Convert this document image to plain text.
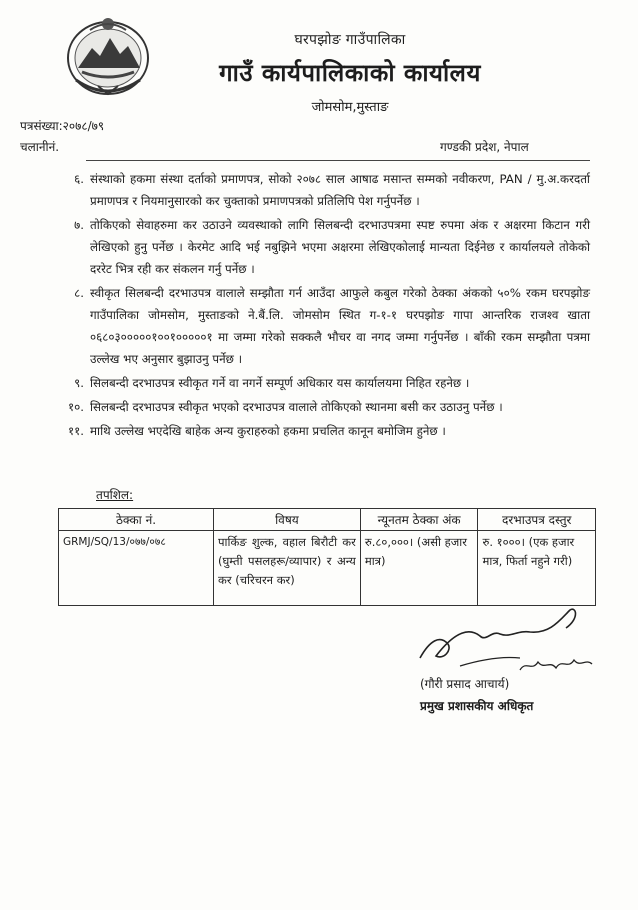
घरपझोङ गाउँपालिका
गाउँ कार्यपालिकाको कार्यालय
जोमसोम,मुस्ताङ
पत्रसंख्या:२०७८/७९
चलानीनं.	गण्डकी प्रदेश, नेपाल
६. संस्थाको हकमा संस्था दर्ताको प्रमाणपत्र, सोको २०७८ साल आषाढ मसान्त सम्मको नवीकरण, PAN / मु.अ.करदर्ता प्रमाणपत्र र नियमानुसारको कर चुक्ताको प्रमाणपत्रको प्रतिलिपि पेश गर्नुपर्नेछ ।
७. तोकिएको सेवाहरुमा कर उठाउने व्यवस्थाको लागि सिलबन्दी दरभाउपत्रमा स्पष्ट रुपमा अंक र अक्षरमा किटान गरी लेखिएको हुनु पर्नेछ । केरमेट आदि भई नबुझिने भएमा अक्षरमा लेखिएकोलाई मान्यता दिईनेछ र कार्यालयले तोकेको दररेट भित्र रही कर संकलन गर्नु पर्नेछ ।
८. स्वीकृत सिलबन्दी दरभाउपत्र वालाले सम्झौता गर्न आउँदा आफुले कबुल गरेको ठेक्का अंकको ५०% रकम घरपझोङ गाउँपालिका जोमसोम, मुस्ताङको ने.बैं.लि. जोमसोम स्थित ग-१-१ घरपझोङ गापा आन्तरिक राजश्व खाता ०६८०३०००००१००१०००००१ मा जम्मा गरेको सक्कलै भौचर वा नगद जम्मा गर्नुपर्नेछ । बाँकी रकम सम्झौता पत्रमा उल्लेख भए अनुसार बुझाउनु पर्नेछ ।
९. सिलबन्दी दरभाउपत्र स्वीकृत गर्ने वा नगर्ने सम्पूर्ण अधिकार यस कार्यालयमा निहित रहनेछ ।
१०. सिलबन्दी दरभाउपत्र स्वीकृत भएको दरभाउपत्र वालाले तोकिएको स्थानमा बसी कर उठाउनु पर्नेछ ।
११. माथि उल्लेख भएदेखि बाहेक अन्य कुराहरुको हकमा प्रचलित कानून बमोजिम हुनेछ ।
तपशिल:
ठेक्का नं.	विषय	न्यूनतम ठेक्का अंक	दरभाउपत्र दस्तुर
GRMJ/SQ/13/०७७/०७८	पार्किङ शुल्क, वहाल बिरौटी कर (घुम्ती पसलहरू/व्यापार) र अन्य कर (चरिचरन कर)	रु.८०,०००। (असी हजार मात्र)	रु. १०००। (एक हजार मात्र, फिर्ता नहुने गरी)
(गौरी प्रसाद आचार्य)
प्रमुख प्रशासकीय अधिकृत
